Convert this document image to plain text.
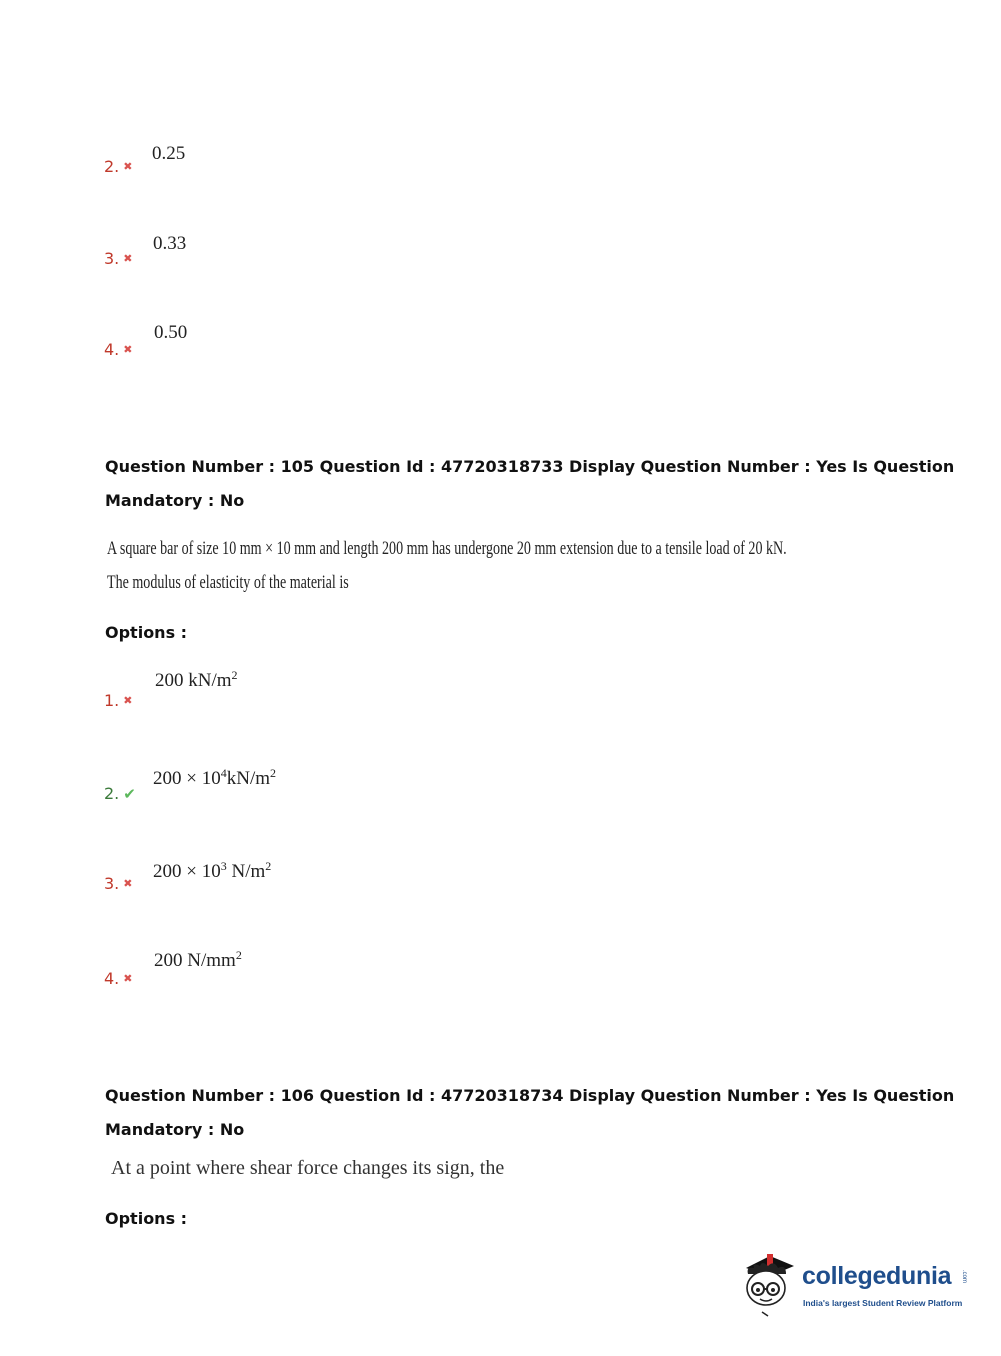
0.25
2. ✖
0.33
3. ✖
0.50
4. ✖
Question Number : 105 Question Id : 47720318733 Display Question Number : Yes Is Question
Mandatory : No
A square bar of size 10 mm × 10 mm and length 200 mm has undergone 20 mm extension due to a tensile load of 20 kN.
The modulus of elasticity of the material is
Options :
200 $kN/m^2$
1. ✖
$200 \times 10^4kN/m^2$
2. ✔
$200 \times 10^3$ $N/m^2$
3. ✖
200 $N/mm^2$
4. ✖
Question Number : 106 Question Id : 47720318734 Display Question Number : Yes Is Question
Mandatory : No
At a point where shear force changes its sign, the
Options :
collegedunia .com
India's largest Student Review Platform
